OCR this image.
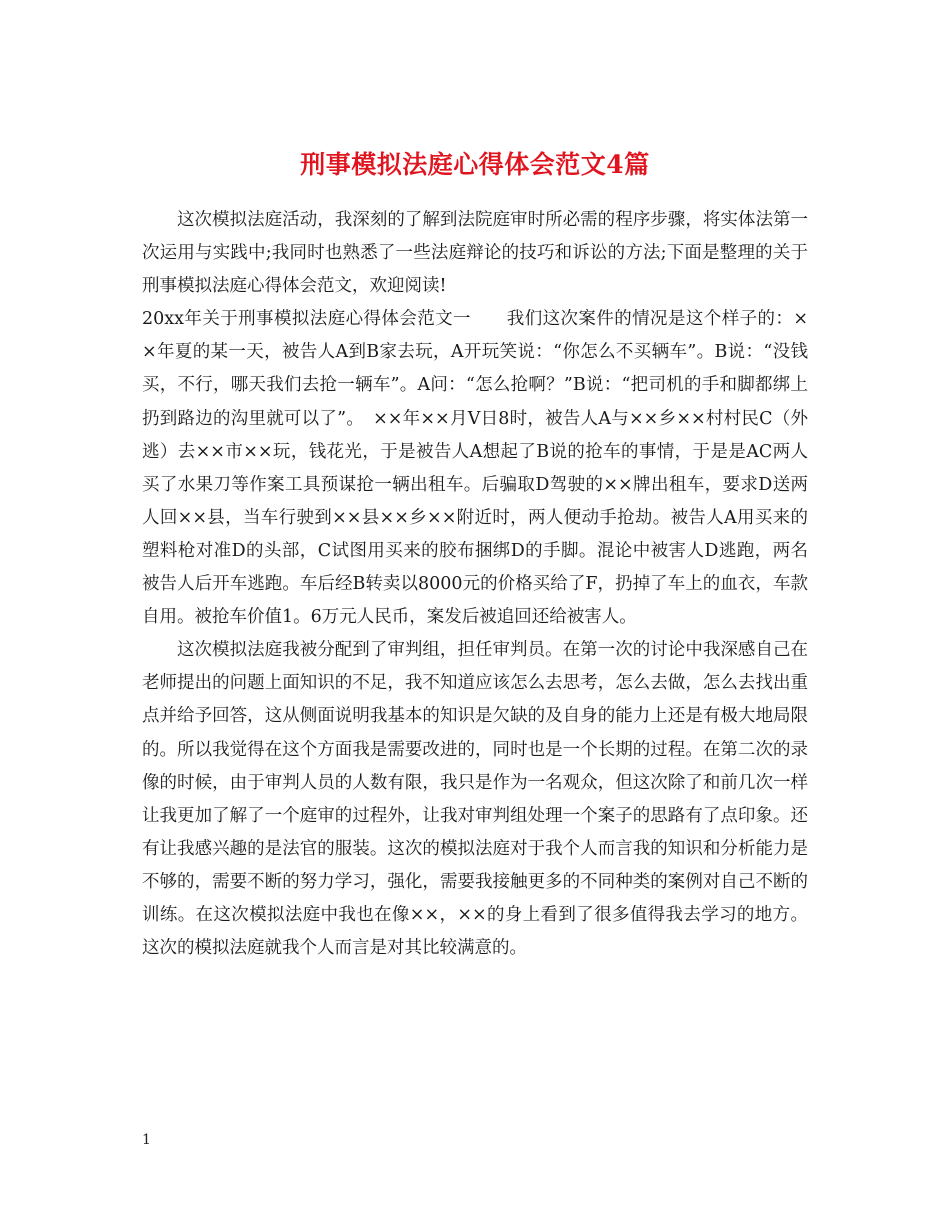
刑事模拟法庭心得体会范文4篇

这次模拟法庭活动，我深刻的了解到法院庭审时所必需的程序步骤，将实体法第一次运用与实践中;我同时也熟悉了一些法庭辩论的技巧和诉讼的方法;下面是整理的关于刑事模拟法庭心得体会范文，欢迎阅读!

20xx年关于刑事模拟法庭心得体会范文一　　我们这次案件的情况是这个样子的：××年夏的某一天，被告人A到B家去玩，A开玩笑说：“你怎么不买辆车”。B说：“没钱买，不行，哪天我们去抢一辆车”。A问：“怎么抢啊？”B说：“把司机的手和脚都绑上扔到路边的沟里就可以了”。　××年××月V日8时，被告人A与××乡××村村民C（外逃）去××市××玩，钱花光，于是被告人A想起了B说的抢车的事情，于是是AC两人买了水果刀等作案工具预谋抢一辆出租车。后骗取D驾驶的××牌出租车，要求D送两人回××县，当车行驶到××县××乡××附近时，两人便动手抢劫。被告人A用买来的塑料枪对准D的头部，C试图用买来的胶布捆绑D的手脚。混论中被害人D逃跑，两名被告人后开车逃跑。车后经B转卖以8000元的价格买给了F，扔掉了车上的血衣，车款自用。被抢车价值1。6万元人民币，案发后被追回还给被害人。

这次模拟法庭我被分配到了审判组，担任审判员。在第一次的讨论中我深感自己在老师提出的问题上面知识的不足，我不知道应该怎么去思考，怎么去做，怎么去找出重点并给予回答，这从侧面说明我基本的知识是欠缺的及自身的能力上还是有极大地局限的。所以我觉得在这个方面我是需要改进的，同时也是一个长期的过程。在第二次的录像的时候，由于审判人员的人数有限，我只是作为一名观众，但这次除了和前几次一样让我更加了解了一个庭审的过程外，让我对审判组处理一个案子的思路有了点印象。还有让我感兴趣的是法官的服装。这次的模拟法庭对于我个人而言我的知识和分析能力是不够的，需要不断的努力学习，强化，需要我接触更多的不同种类的案例对自己不断的训练。在这次模拟法庭中我也在像××，××的身上看到了很多值得我去学习的地方。这次的模拟法庭就我个人而言是对其比较满意的。

1
